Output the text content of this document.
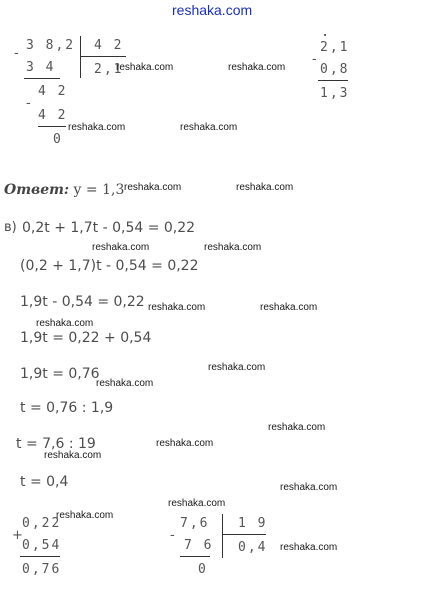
reshaka.com
-
3 8,2 4 2
3 4	2,1
-
4 2
4 2
0
-
2,1
0,8
1,3
reshaka.com	reshaka.com
reshaka.com	reshaka.com
Ответ: y = 1,3 reshaka.com	reshaka.com
в) 0,2t + 1,7t - 0,54 = 0,22
reshaka.com	reshaka.com
(0,2 + 1,7)t - 0,54 = 0,22
1,9t - 0,54 = 0,22 reshaka.com	reshaka.com
reshaka.com
1,9t = 0,22 + 0,54
1,9t = 0,76	reshaka.com
reshaka.com
t = 0,76 : 1,9
reshaka.com
t = 7,6 : 19	reshaka.com
reshaka.com
t = 0,4	reshaka.com
reshaka.com
+
0,22
0,54
0,76
reshaka.com
-
7,6 1 9
7 6 0,4
0
reshaka.com
